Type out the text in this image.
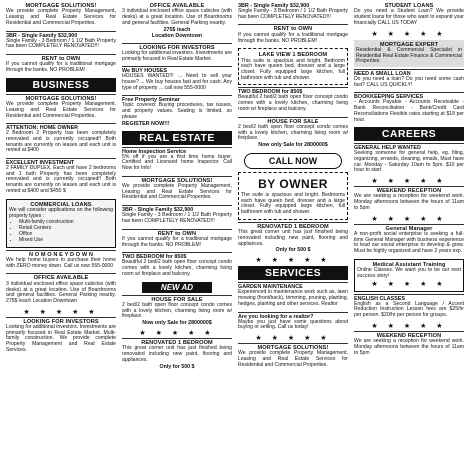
MORTGAGE SOLUTIONS!

We provide complete Property Management, Leasing and Real Estate Services for Residential and Commercial Properties.

3BR - Single Family $32,900

Single Family - 3 Bedroom / 1 1/2 Bath Property has been COMPLETELY RENOVATED!!!

RENT to OWN

If you cannot qualify for a traditional mortgage through the banks. NO PROBLEM!

BUSINESS
MORTGAGE SOLUTIONS!

We provide complete Property Management, Leasing and Real Estate Services for Residential and Commercial Properties.

ATTENTION: HOME OWNER

2 Bedroom 2 Property has been completely renovated and is currently occupied!! Both tenants are currently on leases and each unit is rented at $400

EXCELLENT INVESTMENT

2 FAMILY DUPLEX, Each unit have 2 bedrooms and 1 bath Property has been completely renovated and is currently occupied!! Both tenants are currently on leases and each unit is rented at $400 and $450 $

COMMERCIAL LOANS

We will consider applications on the following property types :

• Multi-family construction
• Retail Centers
• Office
• Mixed Use
N O M O N E Y D O W N

We help home buyers to purchase their home with ZERO money down. Call us now 555-0000

OFFICE AVAILABLE

3 individual enclosed office space cubicles (with desks) at a great location. Use of Boardrooms and general facilities. General Parking nearby. 275$ /each Location Downtown

★ ★ ★ ★ ★
LOOKING FOR INVESTORS

Looking for additional investors. Investments are primarily focused in Real Estate Market. Multi-family construction. We provide complete Property Management and Real Estate Services.

OFFICE AVAILABLE

3 individual enclosed office space cubicles (with desks) at a great location. Use of Boardrooms and general facilities. General Parking nearby.

275$ /each
Location Downtown
LOOKING FOR INVESTORS

Looking for additional investors. Investments are primarily focused in Real Estate Market.

We BUY HOUSES

HOUSES WANTED!!! ... Need to sell your house? ... We buy houses fast and for cash. Any type of property ... call now 555-0000

Free Property Seminar

Topic covered: Buying procedures, tax issues, and property values. Seating is limited, so please

REGISTER NOW!!!
REAL ESTATE
Home Inspection Service

5% off if you are a first time home buyer. Certified and Licensed home Inspector. Call Now for Info!

MORTGAGE SOLUTIONS!

We provide complete Property Management, Leasing and Real Estate Services for Residential and Commercial Properties.

3BR - Single Family $32,900

Single Family - 3 Bedroom / 1 1/2 Bath Property has been COMPLETELY RENOVATED!!!

RENT to OWN

If you cannot qualify for a traditional mortgage through the banks. NO PROBLEM!

TWO BEDROOM for 850$

Beautiful 2 bed/2 bath open floor concept condo comes with a lovely kitchen, charming living room w/ fireplace and balcony.

NEW AD
HOUSE FOR SALE

2 bed/2 bath open floor concept condo comes with a lovely kitchen, charming living room w/ fireplace.

Now only Sale for 2800000$
★ ★ ★ ★ ★
RENOVATED 1 BEDROOM

This great corner unit has just finished being renovated including new paint, flooring and appliances.

Only for 500 $
3BR - Single Family $32,900

Single Family - 3 Bedroom / 1 1/2 Bath Property has been COMPLETELY RENOVATED!!!

RENT to OWN

If you cannot qualify for a traditional mortgage through the banks. NO PROBLEM!

LAKE VIEW 1 BEDROOM

This suite is spacious and bright. Bedroom each have queen bed, dresser and a large closet. Fully equipped large kitchen, full bathroom with tub and shower.

TWO BEDROOM for 850$

Beautiful 2 bed/2 bath open floor concept condo comes with a lovely kitchen, charming living room w/ fireplace and balcony.

HOUSE FOR SALE

2 bed/2 bath open floor concept condo comes with a lovely kitchen, charming living room w/ fireplace.

Now only Sale for 2800000$
CALL NOW
BY OWNER

The suite is spacious and bright. Bedrooms each have queen bed, dresser and a large closet. Fully equipped large kitchen, full bathroom with tub and shower.

RENOVATED 1 BEDROOM

This great corner unit has just finished being renovated including new paint, flooring and appliances.

Only for 500 $
★ ★ ★ ★ ★
SERVICES
GARDEN MAINTENANCE

Experienced in maintenance work such as, lawn mowing (front/back), trimming, pruning, planting, hedges, planting and other services. Realtor

Are you looking for a realtor?

Maybe you just have some questions about buying or selling. Call us today!

★ ★ ★ ★ ★
MORTGAGE SOLUTIONS!

We provide complete Property Management, Leasing and Real Estate Services for Residential and Commercial Properties.

STUDENT LOANS

Do you need a Student Loan? We provide student loans for those who want to expand your financially CALL US TODAY

★ ★ ★ ★ ★
MORTGAGE EXPERT

Residential & Commercial Specialist in Residential Real Estate Finance & Commercial Properties.

NEED A SMALL LOAN

Do you need a loan? Do you need some cash fast? CALL US QUICKLY!

BOOKKEEPING SERVICES

- Accounts Payable - Accounts Receivable - Bank Reconciliation - Bank/Credit Card Reconciliations Flexible rates starting at $18 per hour.

CAREERS
GENERAL HELP WANTED

Seeking someone for general help, eg. filing, organizing, errands, cleaning, emails, Must have car. Monday - Saturday 10am to 5pm. $10 per hour to start

★ ★ ★ ★ ★
WEEKEND RECEPTION

We are seeking a reception for weekend work. Monday afternoons between the hours of 11am to 5pm

★ ★ ★ ★ ★
General Manager

A non-profit social enterprise is seeking a full-time General Manager with business experience to lead our social enterprise to develop & grow. Must be highly organized and have 2 years exp.

Medical Assistant Training

Online Classes. We want you to be our next success story!

★ ★ ★ ★ ★
ENGLISH CLASSES

English as a Second Language / Accent Reduction Instruction Lesson fees are $25/hr per person. $20/hr per person for groups.

★ ★ ★ ★ ★
WEEKEND RECEPTION

We are seeking a reception for weekend work. Monday afternoons between the hours of 11am to 5pm
